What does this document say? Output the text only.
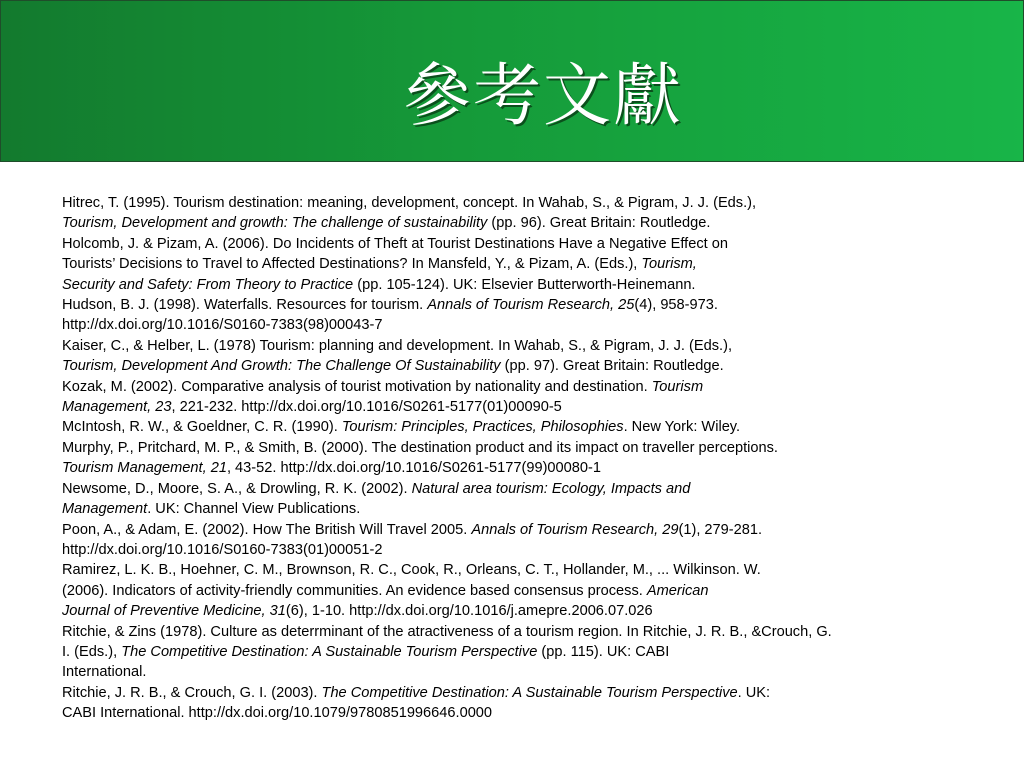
參考文獻
Hitrec, T. (1995). Tourism destination: meaning, development, concept. In Wahab, S., & Pigram, J. J. (Eds.),
Tourism, Development and growth: The challenge of sustainability (pp. 96). Great Britain: Routledge.
Holcomb, J. & Pizam, A. (2006). Do Incidents of Theft at Tourist Destinations Have a Negative Effect on
Tourists’ Decisions to Travel to Affected Destinations? In Mansfeld, Y., & Pizam, A. (Eds.), Tourism,
Security and Safety: From Theory to Practice (pp. 105-124). UK: Elsevier Butterworth-Heinemann.
Hudson, B. J. (1998). Waterfalls. Resources for tourism. Annals of Tourism Research, 25(4), 958-973.
http://dx.doi.org/10.1016/S0160-7383(98)00043-7
Kaiser, C., & Helber, L. (1978) Tourism: planning and development. In Wahab, S., & Pigram, J. J. (Eds.),
Tourism, Development And Growth: The Challenge Of Sustainability (pp. 97). Great Britain: Routledge.
Kozak, M. (2002). Comparative analysis of tourist motivation by nationality and destination. Tourism
Management, 23, 221-232. http://dx.doi.org/10.1016/S0261-5177(01)00090-5
McIntosh, R. W., & Goeldner, C. R. (1990). Tourism: Principles, Practices, Philosophies. New York: Wiley.
Murphy, P., Pritchard, M. P., & Smith, B. (2000). The destination product and its impact on traveller perceptions.
Tourism Management, 21, 43-52. http://dx.doi.org/10.1016/S0261-5177(99)00080-1
Newsome, D., Moore, S. A., & Drowling, R. K. (2002). Natural area tourism: Ecology, Impacts and
Management. UK: Channel View Publications.
Poon, A., & Adam, E. (2002). How The British Will Travel 2005. Annals of Tourism Research, 29(1), 279-281.
http://dx.doi.org/10.1016/S0160-7383(01)00051-2
Ramirez, L. K. B., Hoehner, C. M., Brownson, R. C., Cook, R., Orleans, C. T., Hollander, M., ... Wilkinson. W.
(2006). Indicators of activity-friendly communities. An evidence based consensus process. American
Journal of Preventive Medicine, 31(6), 1-10. http://dx.doi.org/10.1016/j.amepre.2006.07.026
Ritchie, & Zins (1978). Culture as deterrminant of the atractiveness of a tourism region. In Ritchie, J. R. B., &Crouch, G.
I. (Eds.), The Competitive Destination: A Sustainable Tourism Perspective (pp. 115). UK: CABI
International.
Ritchie, J. R. B., & Crouch, G. I. (2003). The Competitive Destination: A Sustainable Tourism Perspective. UK:
CABI International. http://dx.doi.org/10.1079/9780851996646.0000
